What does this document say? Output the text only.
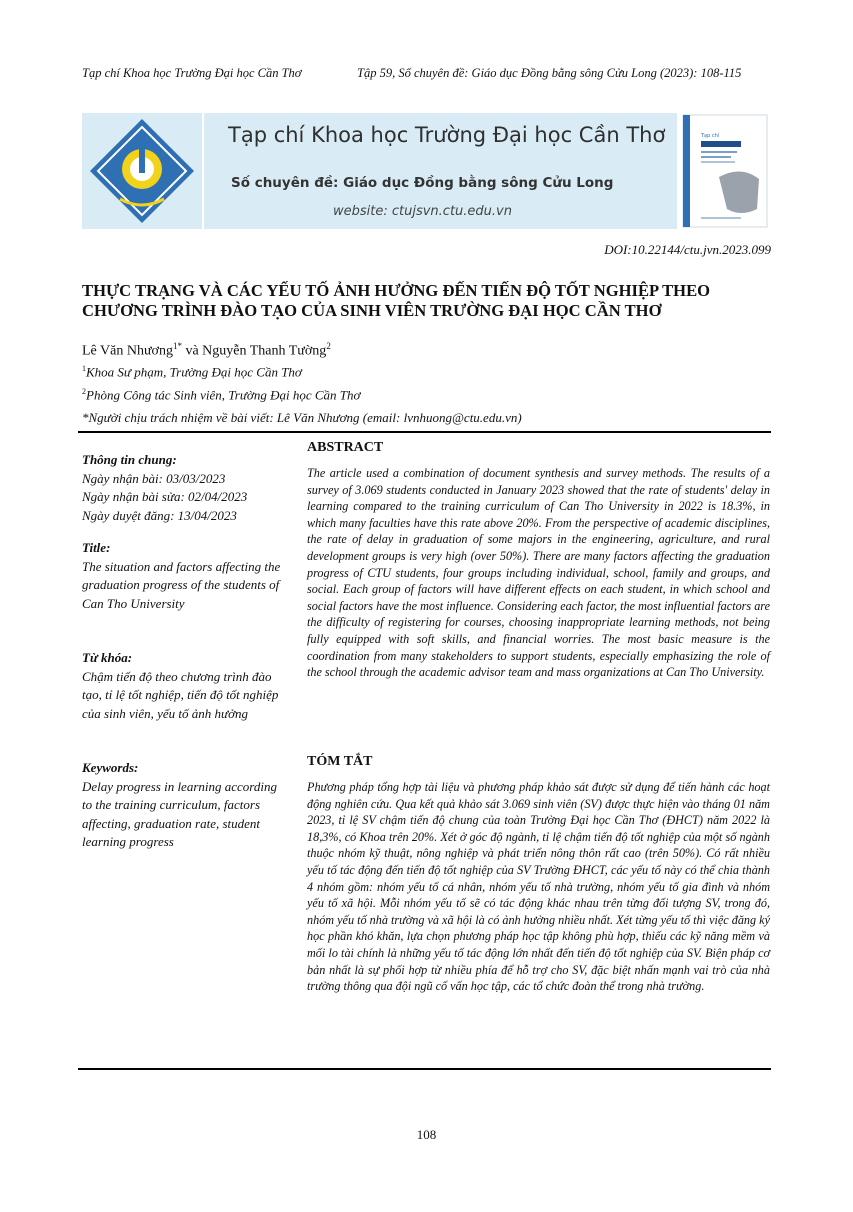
Tạp chí Khoa học Trường Đại học Cần Thơ	Tập 59, Số chuyên đề: Giáo dục Đồng bằng sông Cửu Long (2023): 108-115
Tạp chí Khoa học Trường Đại học Cần Thơ
Số chuyên đề: Giáo dục Đồng bằng sông Cửu Long
website: ctujsvn.ctu.edu.vn
Tạp chí
DOI:10.22144/ctu.jvn.2023.099
THỰC TRẠNG VÀ CÁC YẾU TỐ ẢNH HƯỞNG ĐẾN TIẾN ĐỘ TỐT NGHIỆP THEO CHƯƠNG TRÌNH ĐÀO TẠO CỦA SINH VIÊN TRƯỜNG ĐẠI HỌC CẦN THƠ
Lê Văn Nhương$^{1*}$ và Nguyễn Thanh Tường$^2$
$^1$Khoa Sư phạm, Trường Đại học Cần Thơ
$^2$Phòng Công tác Sinh viên, Trường Đại học Cần Thơ
*Người chịu trách nhiệm về bài viết: Lê Văn Nhương (email: lvnhuong@ctu.edu.vn)
Thông tin chung:
Ngày nhận bài: 03/03/2023
Ngày nhận bài sửa: 02/04/2023
Ngày duyệt đăng: 13/04/2023
Title:
The situation and factors affecting the graduation progress of the students of Can Tho University
Từ khóa:
Chậm tiến độ theo chương trình đào tạo, tỉ lệ tốt nghiệp, tiến độ tốt nghiệp của sinh viên, yếu tố ảnh hưởng
Keywords:
Delay progress in learning according to the training curriculum, factors affecting, graduation rate, student learning progress
ABSTRACT
The article used a combination of document synthesis and survey methods. The results of a survey of 3.069 students conducted in January 2023 showed that the rate of students' delay in learning compared to the training curriculum of Can Tho University in 2022 is 18.3%, in which many faculties have this rate above 20%. From the perspective of academic disciplines, the rate of delay in graduation of some majors in the engineering, agriculture, and rural development groups is very high (over 50%). There are many factors affecting the graduation progress of CTU students, four groups including individual, school, family and groups, and social. Each group of factors will have different effects on each student, in which school and social factors have the most influence. Considering each factor, the most influential factors are the difficulty of registering for courses, choosing inappropriate learning methods, not being fully equipped with soft skills, and financial worries. The most basic measure is the coordination from many stakeholders to support students, especially emphasizing the role of the school through the academic advisor team and mass organizations at Can Tho University.
TÓM TẮT
Phương pháp tổng hợp tài liệu và phương pháp khảo sát được sử dụng để tiến hành các hoạt động nghiên cứu. Qua kết quả khảo sát 3.069 sinh viên (SV) được thực hiện vào tháng 01 năm 2023, tỉ lệ SV chậm tiến độ chung của toàn Trường Đại học Cần Thơ (ĐHCT) năm 2022 là 18,3%, có Khoa trên 20%. Xét ở góc độ ngành, tỉ lệ chậm tiến độ tốt nghiệp của một số ngành thuộc nhóm kỹ thuật, nông nghiệp và phát triển nông thôn rất cao (trên 50%). Có rất nhiều yếu tố tác động đến tiến độ tốt nghiệp của SV Trường ĐHCT, các yếu tố này có thể chia thành 4 nhóm gồm: nhóm yếu tố cá nhân, nhóm yếu tố nhà trường, nhóm yếu tố gia đình và nhóm yếu tố xã hội. Mỗi nhóm yếu tố sẽ có tác động khác nhau trên từng đối tượng SV, trong đó, nhóm yếu tố nhà trường và xã hội là có ảnh hưởng nhiều nhất. Xét từng yếu tố thì việc đăng ký học phần khó khăn, lựa chọn phương pháp học tập không phù hợp, thiếu các kỹ năng mềm và mối lo tài chính là những yếu tố tác động lớn nhất đến tiến độ tốt nghiệp của SV. Biện pháp cơ bản nhất là sự phối hợp từ nhiều phía để hỗ trợ cho SV, đặc biệt nhấn mạnh vai trò của nhà trường thông qua đội ngũ cố vấn học tập, các tổ chức đoàn thể trong nhà trường.
108
